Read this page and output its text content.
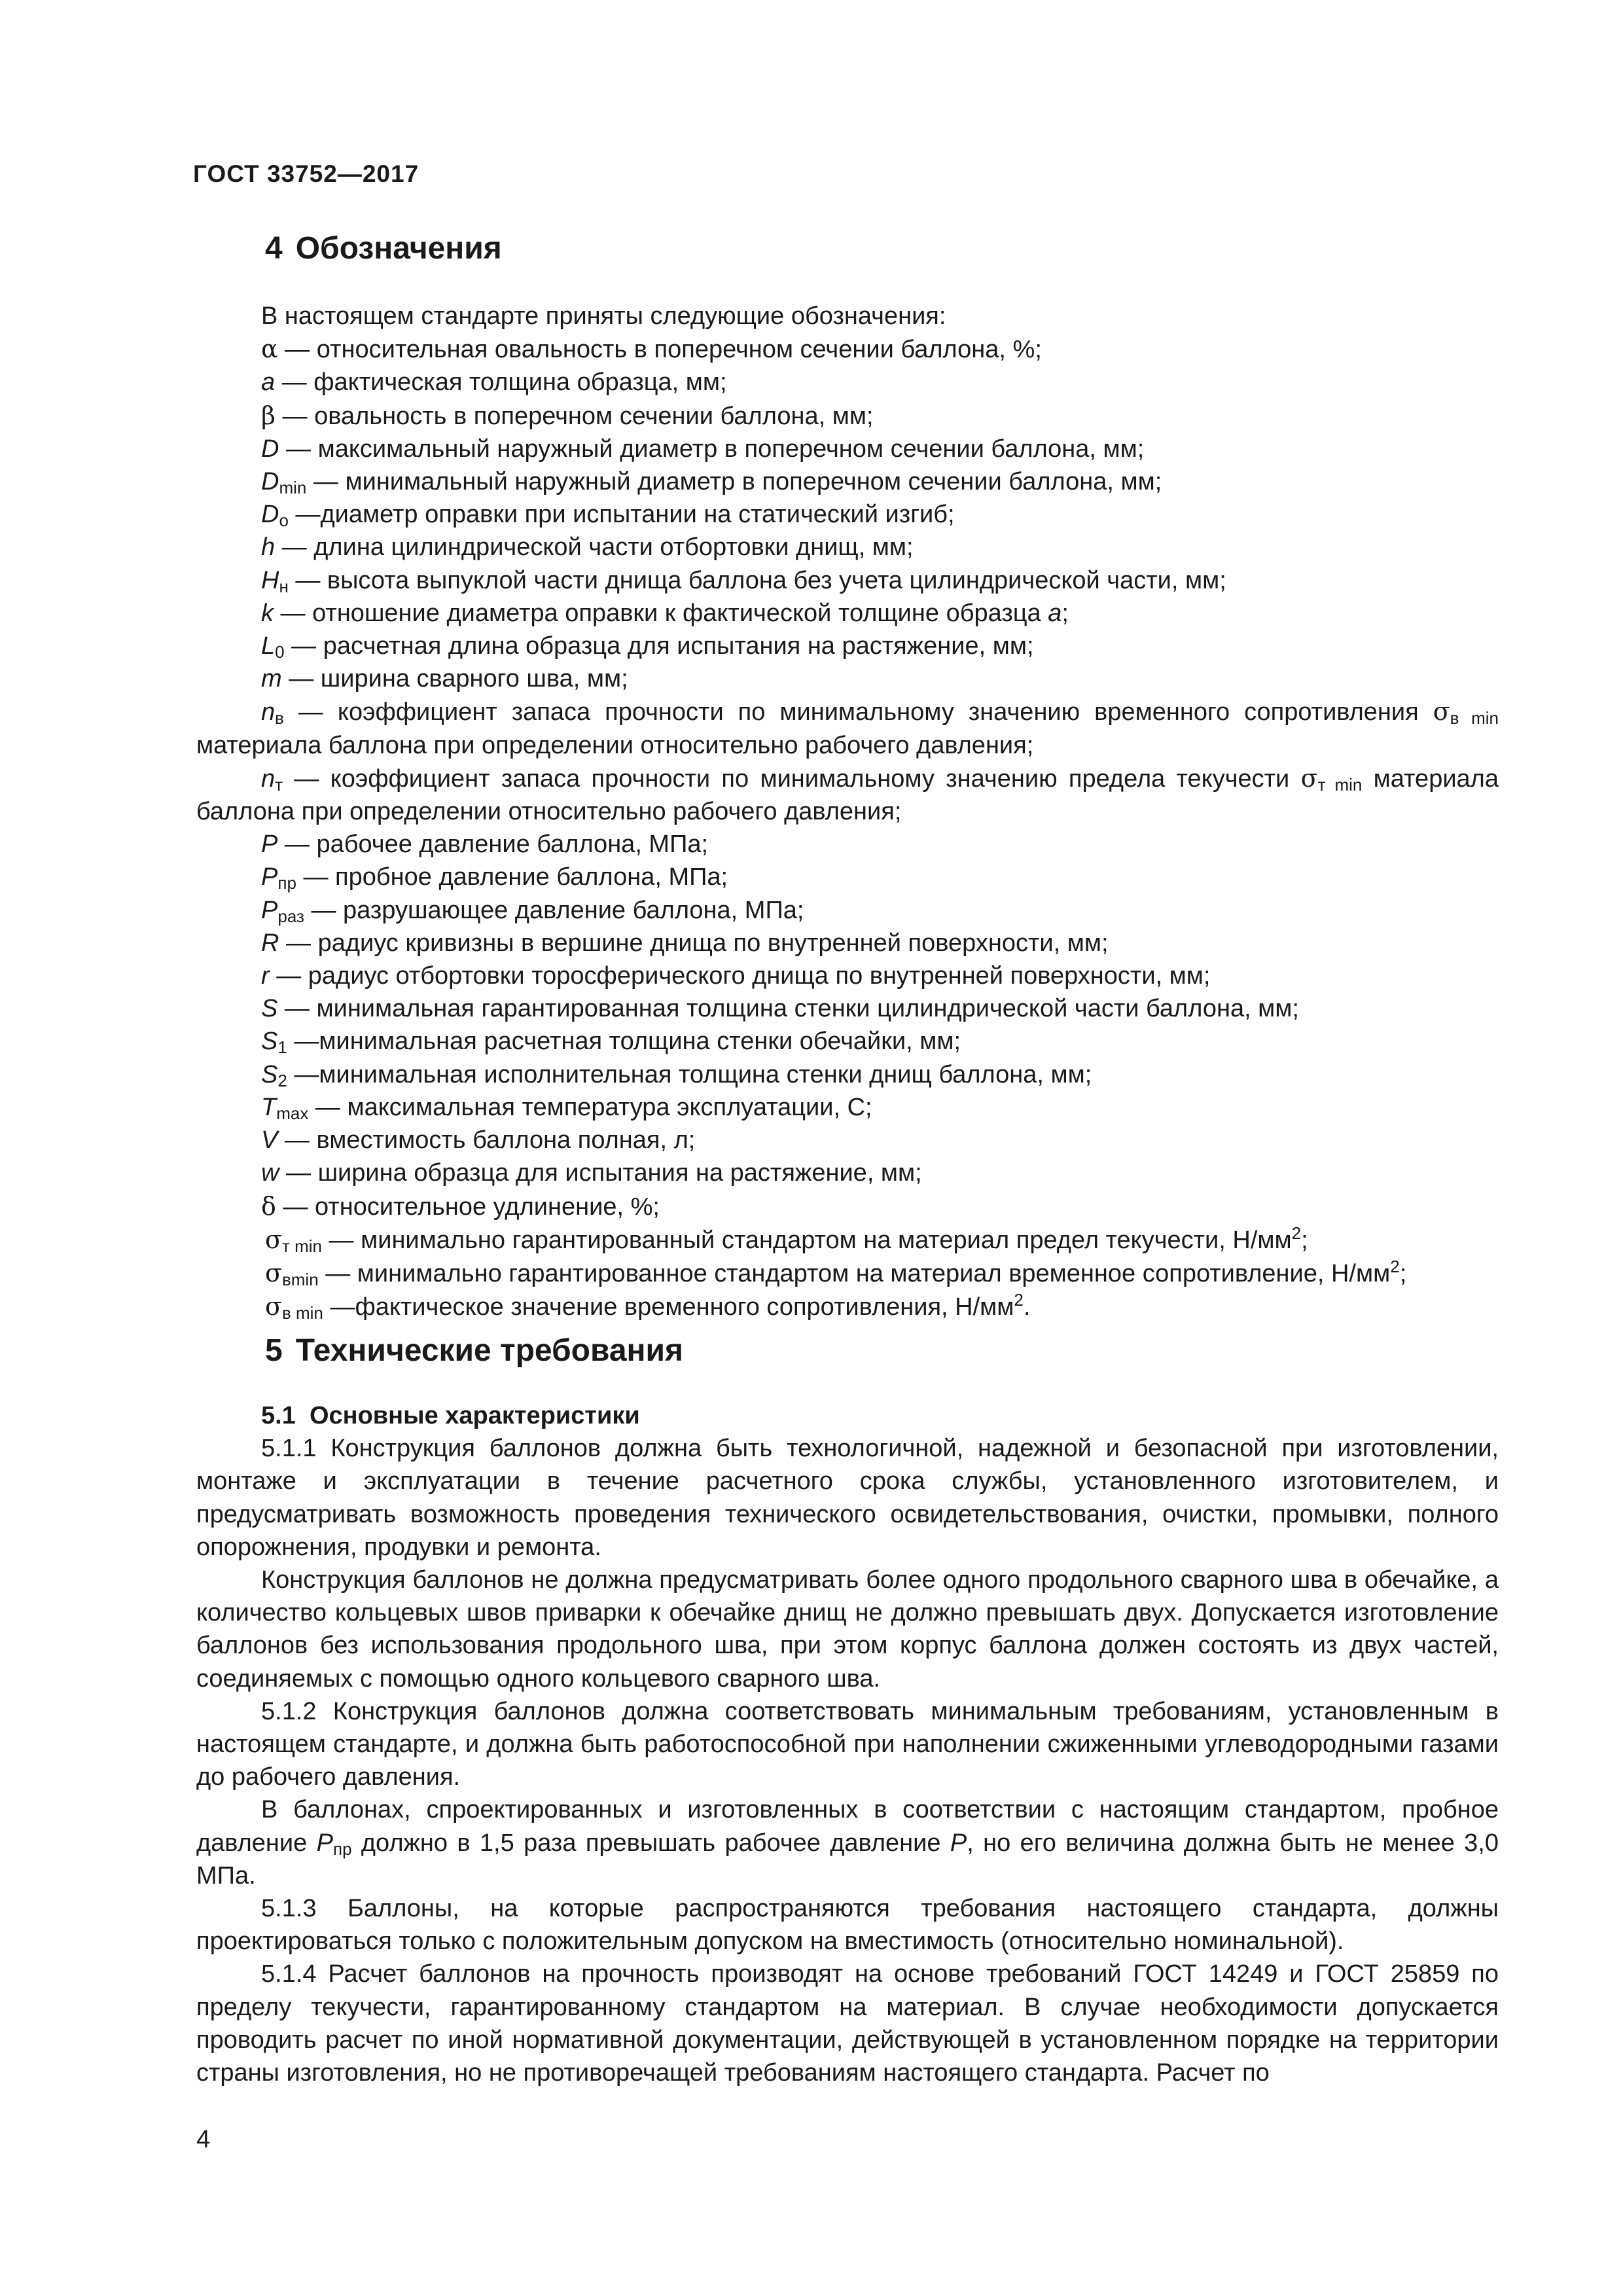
ГОСТ 33752—2017
4 Обозначения
В настоящем стандарте приняты следующие обозначения:
α — относительная овальность в поперечном сечении баллона, %;
a — фактическая толщина образца, мм;
β — овальность в поперечном сечении баллона, мм;
D — максимальный наружный диаметр в поперечном сечении баллона, мм;
$D_{min}$ — минимальный наружный диаметр в поперечном сечении баллона, мм;
$D_o$ —диаметр оправки при испытании на статический изгиб;
h — длина цилиндрической части отбортовки днищ, мм;
$H_н$ — высота выпуклой части днища баллона без учета цилиндрической части, мм;
k — отношение диаметра оправки к фактической толщине образца a;
$L_0$ — расчетная длина образца для испытания на растяжение, мм;
m — ширина сварного шва, мм;
$n_в$ — коэффициент запаса прочности по минимальному значению временного сопротивления $\sigma_{в min}$ материала баллона при определении относительно рабочего давления;
$n_т$ — коэффициент запаса прочности по минимальному значению предела текучести $\sigma_{т min}$ материала баллона при определении относительно рабочего давления;
P — рабочее давление баллона, МПа;
$P_{пр}$ — пробное давление баллона, МПа;
$P_{раз}$ — разрушающее давление баллона, МПа;
R — радиус кривизны в вершине днища по внутренней поверхности, мм;
r — радиус отбортовки торосферического днища по внутренней поверхности, мм;
S — минимальная гарантированная толщина стенки цилиндрической части баллона, мм;
$S_1$ —минимальная расчетная толщина стенки обечайки, мм;
$S_2$ —минимальная исполнительная толщина стенки днищ баллона, мм;
$T_{max}$ — максимальная температура эксплуатации, С;
V — вместимость баллона полная, л;
w — ширина образца для испытания на растяжение, мм;
δ — относительное удлинение, %;
$\sigma_{т min}$ — минимально гарантированный стандартом на материал предел текучести, $Н/мм^2$;
$\sigma_{вmin}$ — минимально гарантированное стандартом на материал временное сопротивление, $Н/мм^2$;
$\sigma_{в min}$ —фактическое значение временного сопротивления, $Н/мм^2$.
5 Технические требования
5.1 Основные характеристики

5.1.1 Конструкция баллонов должна быть технологичной, надежной и безопасной при изготовлении, монтаже и эксплуатации в течение расчетного срока службы, установленного изготовителем, и предусматривать возможность проведения технического освидетельствования, очистки, промывки, полного опорожнения, продувки и ремонта.

Конструкция баллонов не должна предусматривать более одного продольного сварного шва в обечайке, а количество кольцевых швов приварки к обечайке днищ не должно превышать двух. Допускается изготовление баллонов без использования продольного шва, при этом корпус баллона должен состоять из двух частей, соединяемых с помощью одного кольцевого сварного шва.

5.1.2 Конструкция баллонов должна соответствовать минимальным требованиям, установленным в настоящем стандарте, и должна быть работоспособной при наполнении сжиженными углеводородными газами до рабочего давления.

В баллонах, спроектированных и изготовленных в соответствии с настоящим стандартом, пробное давление $P_{пр}$ должно в 1,5 раза превышать рабочее давление P, но его величина должна быть не менее 3,0 МПа.

5.1.3 Баллоны, на которые распространяются требования настоящего стандарта, должны проектироваться только с положительным допуском на вместимость (относительно номинальной).

5.1.4 Расчет баллонов на прочность производят на основе требований ГОСТ 14249 и ГОСТ 25859 по пределу текучести, гарантированному стандартом на материал. В случае необходимости допускается проводить расчет по иной нормативной документации, действующей в установленном порядке на территории страны изготовления, но не противоречащей требованиям настоящего стандарта. Расчет по

4
